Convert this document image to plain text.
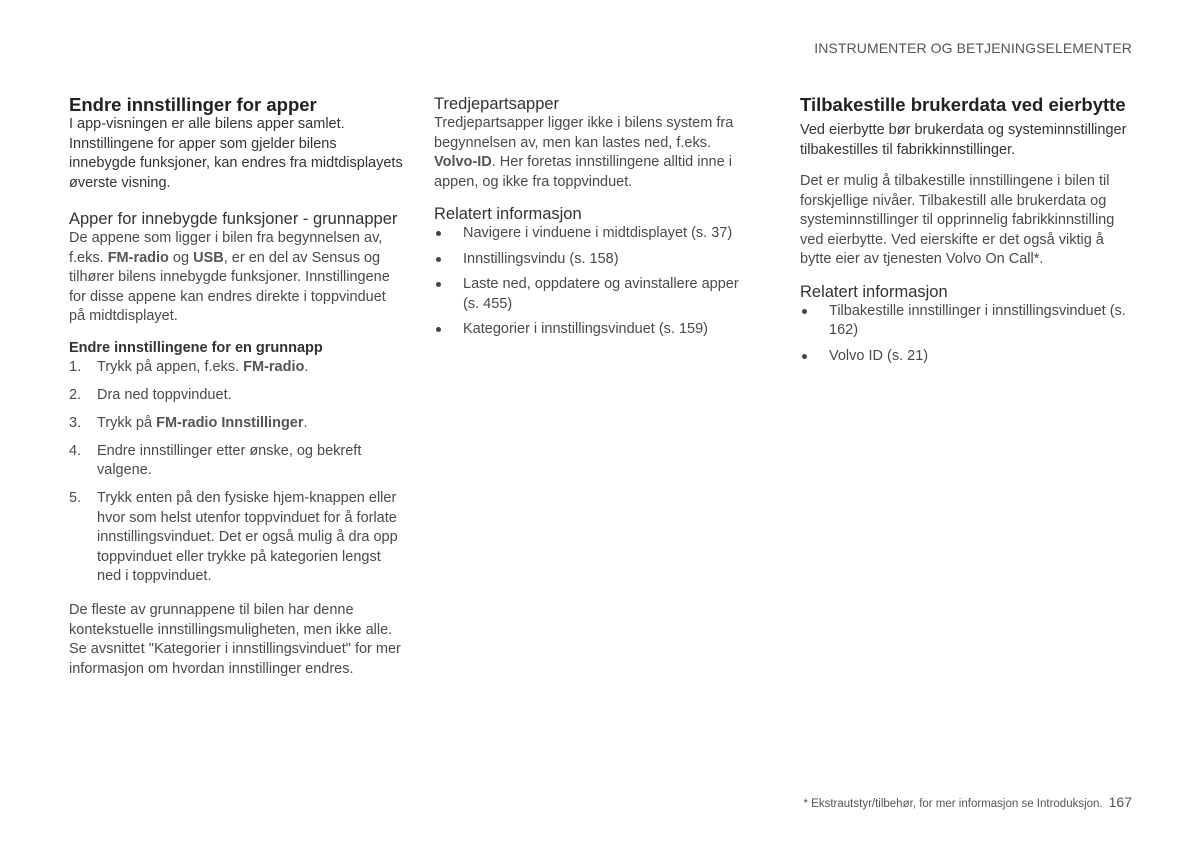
INSTRUMENTER OG BETJENINGSELEMENTER
Endre innstillinger for apper

I app-visningen er alle bilens apper samlet. Innstillingene for apper som gjelder bilens innebygde funksjoner, kan endres fra midtdisplayets øverste visning.

Apper for innebygde funksjoner - grunnapper

De appene som ligger i bilen fra begynnelsen av, f.eks. FM-radio og USB, er en del av Sensus og tilhører bilens innebygde funksjoner. Innstillingene for disse appene kan endres direkte i toppvinduet på midtdisplayet.

Endre innstillingene for en grunnapp
1. Trykk på appen, f.eks. FM-radio.
2. Dra ned toppvinduet.
3. Trykk på FM-radio Innstillinger.
4. Endre innstillinger etter ønske, og bekreft valgene.
5. Trykk enten på den fysiske hjem-knappen eller hvor som helst utenfor toppvinduet for å forlate innstillingsvinduet. Det er også mulig å dra opp toppvinduet eller trykke på kategorien lengst ned i toppvinduet.

De fleste av grunnappene til bilen har denne kontekstuelle innstillingsmuligheten, men ikke alle. Se avsnittet "Kategorier i innstillingsvinduet" for mer informasjon om hvordan innstillinger endres.

Tredjepartsapper

Tredjepartsapper ligger ikke i bilens system fra begynnelsen av, men kan lastes ned, f.eks. Volvo-ID. Her foretas innstillingene alltid inne i appen, og ikke fra toppvinduet.

Relatert informasjon
Navigere i vinduene i midtdisplayet (s. 37)
Innstillingsvindu (s. 158)
Laste ned, oppdatere og avinstallere apper (s. 455)
Kategorier i innstillingsvinduet (s. 159)
Tilbakestille brukerdata ved eierbytte

Ved eierbytte bør brukerdata og systeminnstillinger tilbakestilles til fabrikkinnstillinger.

Det er mulig å tilbakestille innstillingene i bilen til forskjellige nivåer. Tilbakestill alle brukerdata og systeminnstillinger til opprinnelig fabrikkinnstilling ved eierbytte. Ved eierskifte er det også viktig å bytte eier av tjenesten Volvo On Call*.

Relatert informasjon
Tilbakestille innstillinger i innstillingsvinduet (s. 162)
Volvo ID (s. 21)
* Ekstrautstyr/tilbehør, for mer informasjon se Introduksjon. 167
